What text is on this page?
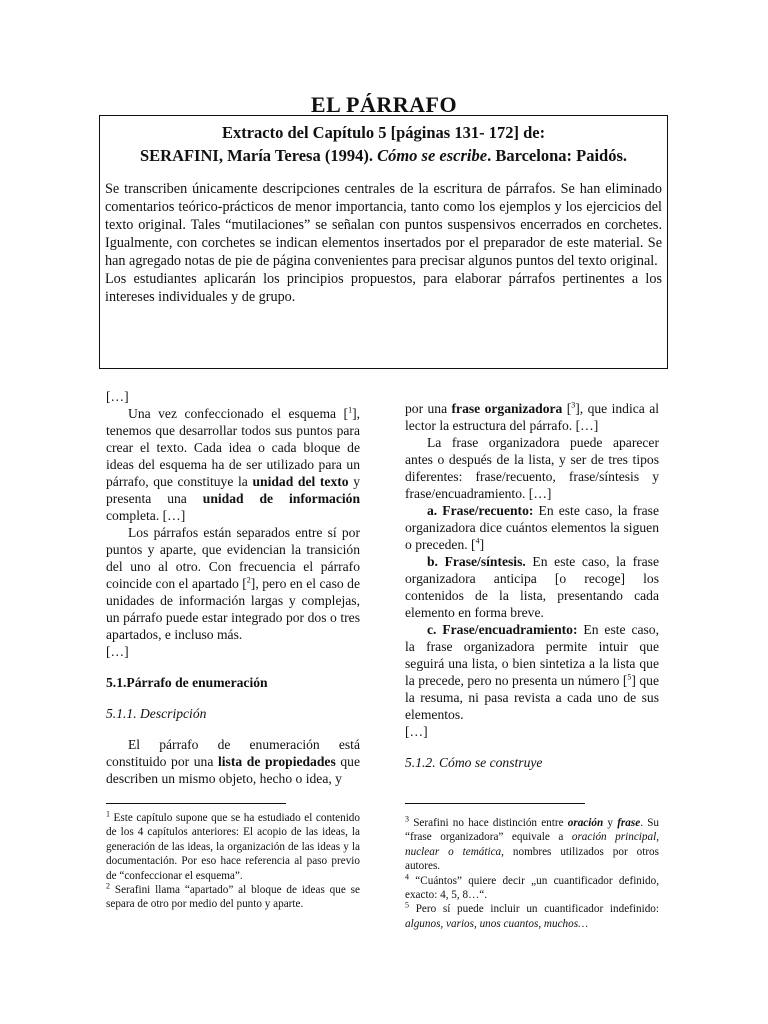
EL PÁRRAFO
Extracto del Capítulo 5 [páginas 131- 172] de:
SERAFINI, María Teresa (1994). Cómo se escribe. Barcelona: Paidós.
Se transcriben únicamente descripciones centrales de la escritura de párrafos. Se han eliminado comentarios teórico-prácticos de menor importancia, tanto como los ejemplos y los ejercicios del texto original. Tales “mutilaciones” se señalan con puntos suspensivos encerrados en corchetes. Igualmente, con corchetes se indican elementos insertados por el preparador de este material. Se han agregado notas de pie de página convenientes para precisar algunos puntos del texto original.
Los estudiantes aplicarán los principios propuestos, para elaborar párrafos pertinentes a los intereses individuales y de grupo.

[…]

Una vez confeccionado el esquema [$^1$], tenemos que desarrollar todos sus puntos para crear el texto. Cada idea o cada bloque de ideas del esquema ha de ser utilizado para un párrafo, que constituye la unidad del texto y presenta una unidad de información completa. […]

Los párrafos están separados entre sí por puntos y aparte, que evidencian la transición del uno al otro. Con frecuencia el párrafo coincide con el apartado [$^2$], pero en el caso de unidades de información largas y complejas, un párrafo puede estar integrado por dos o tres apartados, e incluso más.

[…]

5.1.Párrafo de enumeración

5.1.1. Descripción

El párrafo de enumeración está constituido por una lista de propiedades que describen un mismo objeto, hecho o idea, y

por una frase organizadora [$^3$], que indica al lector la estructura del párrafo. […]

La frase organizadora puede aparecer antes o después de la lista, y ser de tres tipos diferentes: frase/recuento, frase/síntesis y frase/encuadramiento. […]

a. Frase/recuento: En este caso, la frase organizadora dice cuántos elementos la siguen o preceden. [$^4$]

b. Frase/síntesis. En este caso, la frase organizadora anticipa [o recoge] los contenidos de la lista, presentando cada elemento en forma breve.

c. Frase/encuadramiento: En este caso, la frase organizadora permite intuir que seguirá una lista, o bien sintetiza a la lista que la precede, pero no presenta un número [$^5$] que la resuma, ni pasa revista a cada uno de sus elementos.

[…]

5.1.2. Cómo se construye

$^1$ Este capítulo supone que se ha estudiado el contenido de los 4 capítulos anteriores: El acopio de las ideas, la generación de las ideas, la organización de las ideas y la documentación. Por eso hace referencia al paso previo de “confeccionar el esquema”.

$^2$ Serafini llama “apartado” al bloque de ideas que se separa de otro por medio del punto y aparte.

$^3$ Serafini no hace distinción entre oración y frase. Su “frase organizadora” equivale a oración principal, nuclear o temática, nombres utilizados por otros autores.

$^4$ “Cuántos” quiere decir „un cuantificador definido, exacto: 4, 5, 8…“.

$^5$ Pero sí puede incluir un cuantificador indefinido: algunos, varios, unos cuantos, muchos…
